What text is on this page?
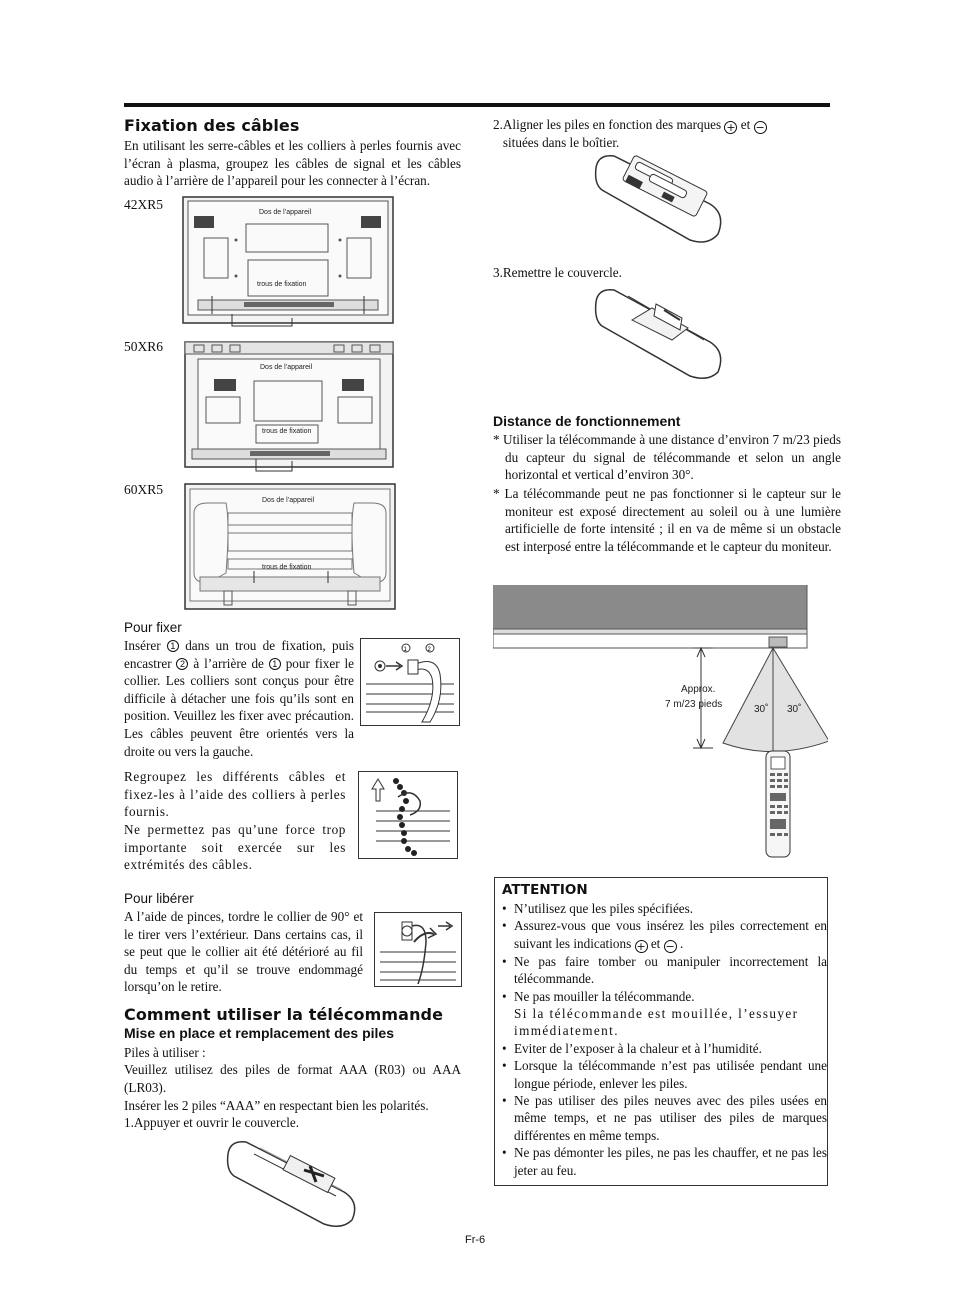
Fixation des câbles

En utilisant les serre-câbles et les colliers à perles fournis avec l’écran à plasma, groupez les câbles de signal et les câbles audio à l’arrière de l’appareil pour les connecter à l’écran.

42XR5
50XR6
60XR5
Dos de l’appareil
trous de fixation
Dos de l’appareil
trous de fixation
Dos de l’appareil
trous de fixation
Pour fixer

Insérer 1 dans un trou de fixation, puis encastrer 2 à l’arrière de 1 pour fixer le collier. Les colliers sont conçus pour être difficile à détacher une fois qu’ils sont en position. Veuillez les fixer avec précaution. Les câbles peuvent être orientés vers la droite ou vers la gauche.

1	2

Regroupez les différents câbles et fixez-les à l’aide des colliers à perles fournis.

Ne permettez pas qu’une force trop importante soit exercée sur les extrémités des câbles.

Pour libérer

A l’aide de pinces, tordre le collier de 90° et le tirer vers l’extérieur. Dans certains cas, il se peut que le collier ait été détérioré au fil du temps et qu’il se trouve endommagé lorsqu’on le retire.

Comment utiliser la télécommande
Mise en place et remplacement des piles

Piles à utiliser :

Veuillez utilisez des piles de format AAA (R03) ou AAA (LR03).

Insérer les 2 piles “AAA” en respectant bien les polarités.

1.Appuyer et ouvrir le couvercle.

2.Aligner les piles en fonction des marques + et −
situées dans le boîtier.

3.Remettre le couvercle.

Distance de fonctionnement

* Utiliser la télécommande à une distance d’environ 7 m/23 pieds du capteur du signal de télécommande et selon un angle horizontal et vertical d’environ 30°.

* La télécommande peut ne pas fonctionner si le capteur sur le moniteur est exposé directement au soleil ou à une lumière artificielle de forte intensité ; il en va de même si un obstacle est interposé entre la télécommande et le capteur du moniteur.

Approx.
7 m/23 pieds	30˚ 30˚
ATTENTION
• N’utilisez que les piles spécifiées.
• Assurez-vous que vous insérez les piles correctement en suivant les indications + et − .
• Ne pas faire tomber ou manipuler incorrectement la télécommande.
• Ne pas mouiller la télécommande.
Si la télécommande est mouillée, l’essuyer immédiatement.
• Eviter de l’exposer à la chaleur et à l’humidité.
• Lorsque la télécommande n’est pas utilisée pendant une longue période, enlever les piles.
• Ne pas utiliser des piles neuves avec des piles usées en même temps, et ne pas utiliser des piles de marques différentes en même temps.
• Ne pas démonter les piles, ne pas les chauffer, et ne pas les jeter au feu.
Fr-6
